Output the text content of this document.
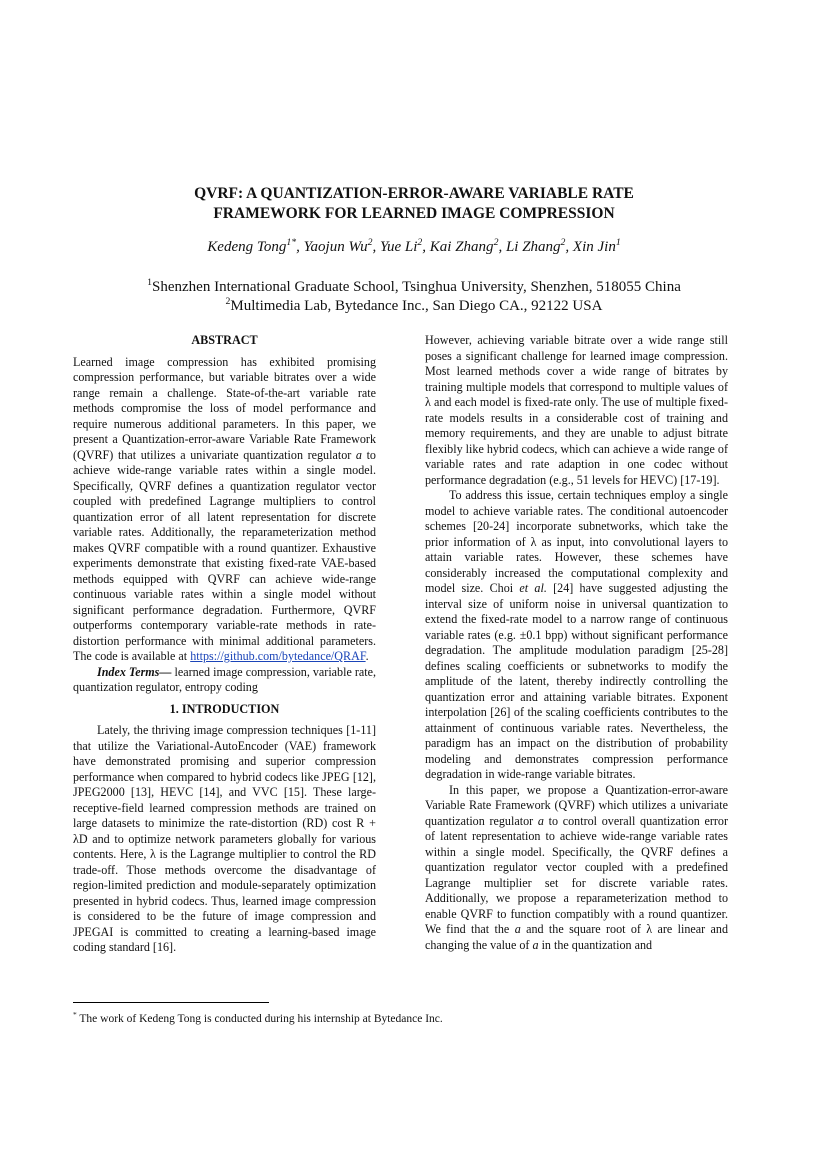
QVRF: A QUANTIZATION-ERROR-AWARE VARIABLE RATE
FRAMEWORK FOR LEARNED IMAGE COMPRESSION
Kedeng Tong$^{1*}$, Yaojun Wu$^2$, Yue Li$^2$, Kai Zhang$^2$, Li Zhang$^2$, Xin Jin$^1$
$^1$Shenzhen International Graduate School, Tsinghua University, Shenzhen, 518055 China
$^2$Multimedia Lab, Bytedance Inc., San Diego CA., 92122 USA
ABSTRACT

Learned image compression has exhibited promising compression performance, but variable bitrates over a wide range remain a challenge. State-of-the-art variable rate methods compromise the loss of model performance and require numerous additional parameters. In this paper, we present a Quantization-error-aware Variable Rate Framework (QVRF) that utilizes a univariate quantization regulator a to achieve wide-range variable rates within a single model. Specifically, QVRF defines a quantization regulator vector coupled with predefined Lagrange multipliers to control quantization error of all latent representation for discrete variable rates. Additionally, the reparameterization method makes QVRF compatible with a round quantizer. Exhaustive experiments demonstrate that existing fixed-rate VAE-based methods equipped with QVRF can achieve wide-range continuous variable rates within a single model without significant performance degradation. Furthermore, QVRF outperforms contemporary variable-rate methods in rate-distortion performance with minimal additional parameters. The code is available at https://github.com/bytedance/QRAF.

Index Terms— learned image compression, variable rate, quantization regulator, entropy coding

1. INTRODUCTION

Lately, the thriving image compression techniques [1-11] that utilize the Variational-AutoEncoder (VAE) framework have demonstrated promising and superior compression performance when compared to hybrid codecs like JPEG [12], JPEG2000 [13], HEVC [14], and VVC [15]. These large-receptive-field learned compression methods are trained on large datasets to minimize the rate-distortion (RD) cost R + λD and to optimize network parameters globally for various contents. Here, λ is the Lagrange multiplier to control the RD trade-off. Those methods overcome the disadvantage of region-limited prediction and module-separately optimization presented in hybrid codecs. Thus, learned image compression is considered to be the future of image compression and JPEGAI is committed to creating a learning-based image coding standard [16].

However, achieving variable bitrate over a wide range still poses a significant challenge for learned image compression. Most learned methods cover a wide range of bitrates by training multiple models that correspond to multiple values of λ and each model is fixed-rate only. The use of multiple fixed-rate models results in a considerable cost of training and memory requirements, and they are unable to adjust bitrate flexibly like hybrid codecs, which can achieve a wide range of variable rates and rate adaption in one codec without performance degradation (e.g., 51 levels for HEVC) [17-19].

To address this issue, certain techniques employ a single model to achieve variable rates. The conditional autoencoder schemes [20-24] incorporate subnetworks, which take the prior information of λ as input, into convolutional layers to attain variable rates. However, these schemes have considerably increased the computational complexity and model size. Choi et al. [24] have suggested adjusting the interval size of uniform noise in universal quantization to extend the fixed-rate model to a narrow range of continuous variable rates (e.g. ±0.1 bpp) without significant performance degradation. The amplitude modulation paradigm [25-28] defines scaling coefficients or subnetworks to modify the amplitude of the latent, thereby indirectly controlling the quantization error and attaining variable bitrates. Exponent interpolation [26] of the scaling coefficients contributes to the attainment of continuous variable rates. Nevertheless, the paradigm has an impact on the distribution of probability modeling and demonstrates compression performance degradation in wide-range variable bitrates.

In this paper, we propose a Quantization-error-aware Variable Rate Framework (QVRF) which utilizes a univariate quantization regulator a to control overall quantization error of latent representation to achieve wide-range variable rates within a single model. Specifically, the QVRF defines a quantization regulator vector coupled with a predefined Lagrange multiplier set for discrete variable rates. Additionally, we propose a reparameterization method to enable QVRF to function compatibly with a round quantizer. We find that the a and the square root of λ are linear and changing the value of a in the quantization and

* The work of Kedeng Tong is conducted during his internship at Bytedance Inc.
